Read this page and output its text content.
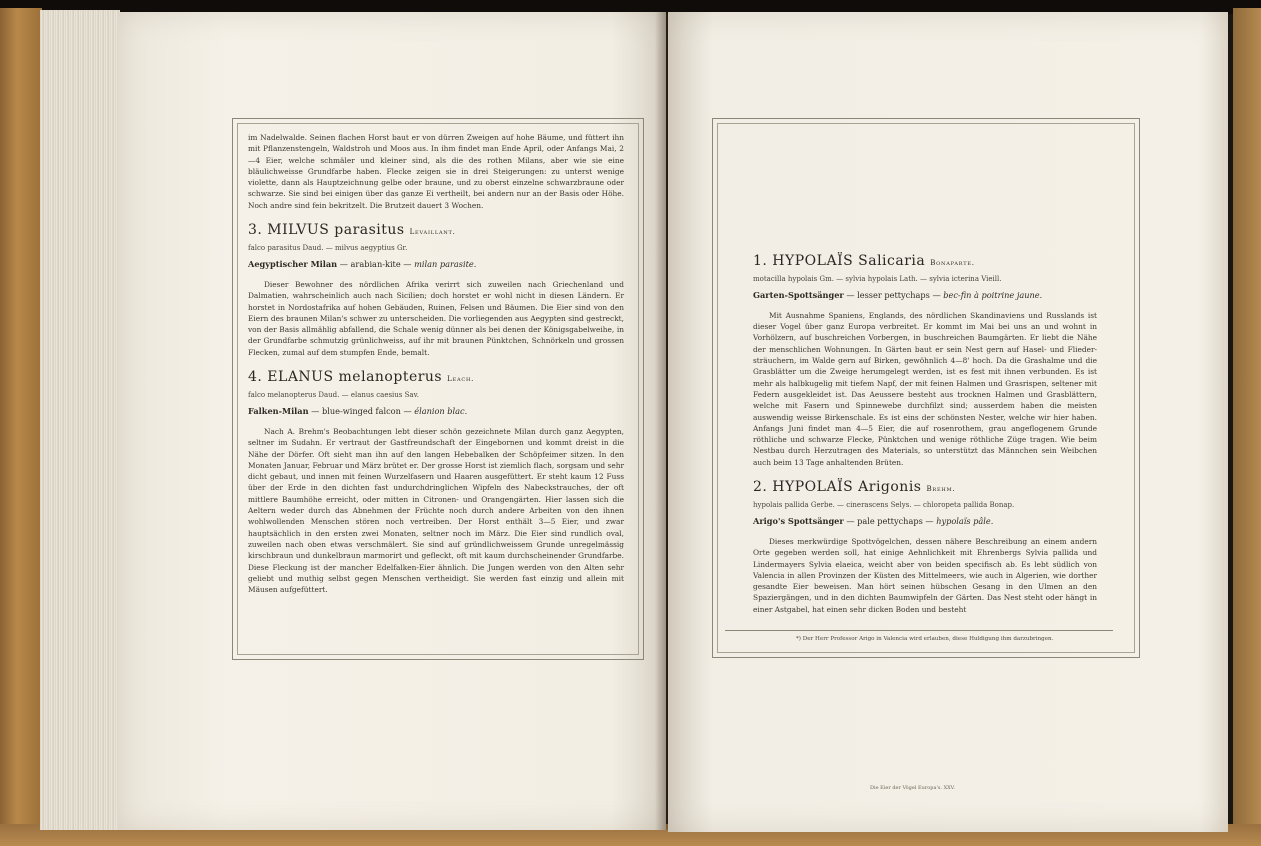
im Nadelwalde. Seinen flachen Horst baut er von dürren Zweigen auf hohe Bäume, und füttert ihn mit Pflanzenstengeln, Waldstroh und Moos aus. In ihm findet man Ende April, oder Anfangs Mai, 2—4 Eier, welche schmäler und kleiner sind, als die des rothen Milans, aber wie sie eine bläulichweisse Grundfarbe haben. Flecke zeigen sie in drei Steigerungen: zu unterst wenige violette, dann als Hauptzeichnung gelbe oder braune, und zu oberst einzelne schwarzbraune oder schwarze. Sie sind bei einigen über das ganze Ei vertheilt, bei andern nur an der Basis oder Höhe. Noch andre sind fein bekritzelt. Die Brutzeit dauert 3 Wochen.

3. MILVUS parasitus Levaillant.

falco parasitus Daud. — milvus aegyptius Gr.

Aegyptischer Milan — arabian-kite — milan parasite.

Dieser Bewohner des nördlichen Afrika verirrt sich zuweilen nach Griechenland und Dalmatien, wahrscheinlich auch nach Sicilien; doch horstet er wohl nicht in diesen Ländern. Er horstet in Nordostafrika auf hohen Gebäuden, Ruinen, Felsen und Bäumen. Die Eier sind von den Eiern des braunen Milan's schwer zu unterscheiden. Die vorliegenden aus Aegypten sind gestreckt, von der Basis allmählig abfallend, die Schale wenig dünner als bei denen der Königsgabelweihe, in der Grundfarbe schmutzig grünlichweiss, auf ihr mit braunen Pünktchen, Schnörkeln und grossen Flecken, zumal auf dem stumpfen Ende, bemalt.

4. ELANUS melanopterus Leach.

falco melanopterus Daud. — elanus caesius Sav.

Falken-Milan — blue-winged falcon — élanion blac.

Nach A. Brehm's Beobachtungen lebt dieser schön gezeichnete Milan durch ganz Aegypten, seltner im Sudahn. Er vertraut der Gastfreundschaft der Eingebornen und kommt dreist in die Nähe der Dörfer. Oft sieht man ihn auf den langen Hebebalken der Schöpfeimer sitzen. In den Monaten Januar, Februar und März brütet er. Der grosse Horst ist ziemlich flach, sorgsam und sehr dicht gebaut, und innen mit feinen Wurzelfasern und Haaren ausgefüttert. Er steht kaum 12 Fuss über der Erde in den dichten fast undurchdringlichen Wipfeln des Nabeckstrauches, der oft mittlere Baumhöhe erreicht, oder mitten in Citronen- und Orangengärten. Hier lassen sich die Aeltern weder durch das Abnehmen der Früchte noch durch andere Arbeiten von den ihnen wohlwollenden Menschen stören noch vertreiben. Der Horst enthält 3—5 Eier, und zwar hauptsächlich in den ersten zwei Monaten, seltner noch im März. Die Eier sind rundlich oval, zuweilen nach oben etwas verschmälert. Sie sind auf gründlichweissem Grunde unregelmässig kirschbraun und dunkelbraun marmorirt und gefleckt, oft mit kaum durchscheinender Grundfarbe. Diese Fleckung ist der mancher Edelfalken-Eier ähnlich. Die Jungen werden von den Alten sehr geliebt und muthig selbst gegen Menschen vertheidigt. Sie werden fast einzig und allein mit Mäusen aufgefüttert.

1. HYPOLAÏS Salicaria Bonaparte.

motacilla hypolais Gm. — sylvia hypolais Lath. — sylvia icterina Vieill.

Garten-Spottsänger — lesser pettychaps — bec-fin à poitrine jaune.

Mit Ausnahme Spaniens, Englands, des nördlichen Skandinaviens und Russlands ist dieser Vogel über ganz Europa verbreitet. Er kommt im Mai bei uns an und wohnt in Vorhölzern, auf buschreichen Vorbergen, in buschreichen Baumgärten. Er liebt die Nähe der menschlichen Wohnungen. In Gärten baut er sein Nest gern auf Hasel- und Fliedersträuchern, im Walde gern auf Birken, gewöhnlich 4—8' hoch. Da die Grashalme und die Grasblätter um die Zweige herumgelegt werden, ist es fest mit ihnen verbunden. Es ist mehr als halbkugelig mit tiefem Napf, der mit feinen Halmen und Grasrispen, seltener mit Federn ausgekleidet ist. Das Aeussere besteht aus trocknen Halmen und Grasblättern, welche mit Fasern und Spinnewebe durchfilzt sind; ausserdem haben die meisten auswendig weisse Birkenschale. Es ist eins der schönsten Nester, welche wir hier haben. Anfangs Juni findet man 4—5 Eier, die auf rosenrothem, grau angeflogenem Grunde röthliche und schwarze Flecke, Pünktchen und wenige röthliche Züge tragen. Wie beim Nestbau durch Herzutragen des Materials, so unterstützt das Männchen sein Weibchen auch beim 13 Tage anhaltenden Brüten.

2. HYPOLAÏS Arigonis Brehm.

hypolais pallida Gerbe. — cinerascens Selys. — chloropeta pallida Bonap.

Arigo's Spottsänger — pale pettychaps — hypolaïs pâle.

Dieses merkwürdige Spottvögelchen, dessen nähere Beschreibung an einem andern Orte gegeben werden soll, hat einige Aehnlichkeit mit Ehrenbergs Sylvia pallida und Lindermayers Sylvia elaeica, weicht aber von beiden specifisch ab. Es lebt südlich von Valencia in allen Provinzen der Küsten des Mittelmeers, wie auch in Algerien, wie dorther gesandte Eier beweisen. Man hört seinen hübschen Gesang in den Ulmen an den Spaziergängen, und in den dichten Baumwipfeln der Gärten. Das Nest steht oder hängt in einer Astgabel, hat einen sehr dicken Boden und besteht

*) Der Herr Professor Arigo in Valencia wird erlauben, diese Huldigung ihm darzubringen.
Die Eier der Vögel Europa's. XXV.
